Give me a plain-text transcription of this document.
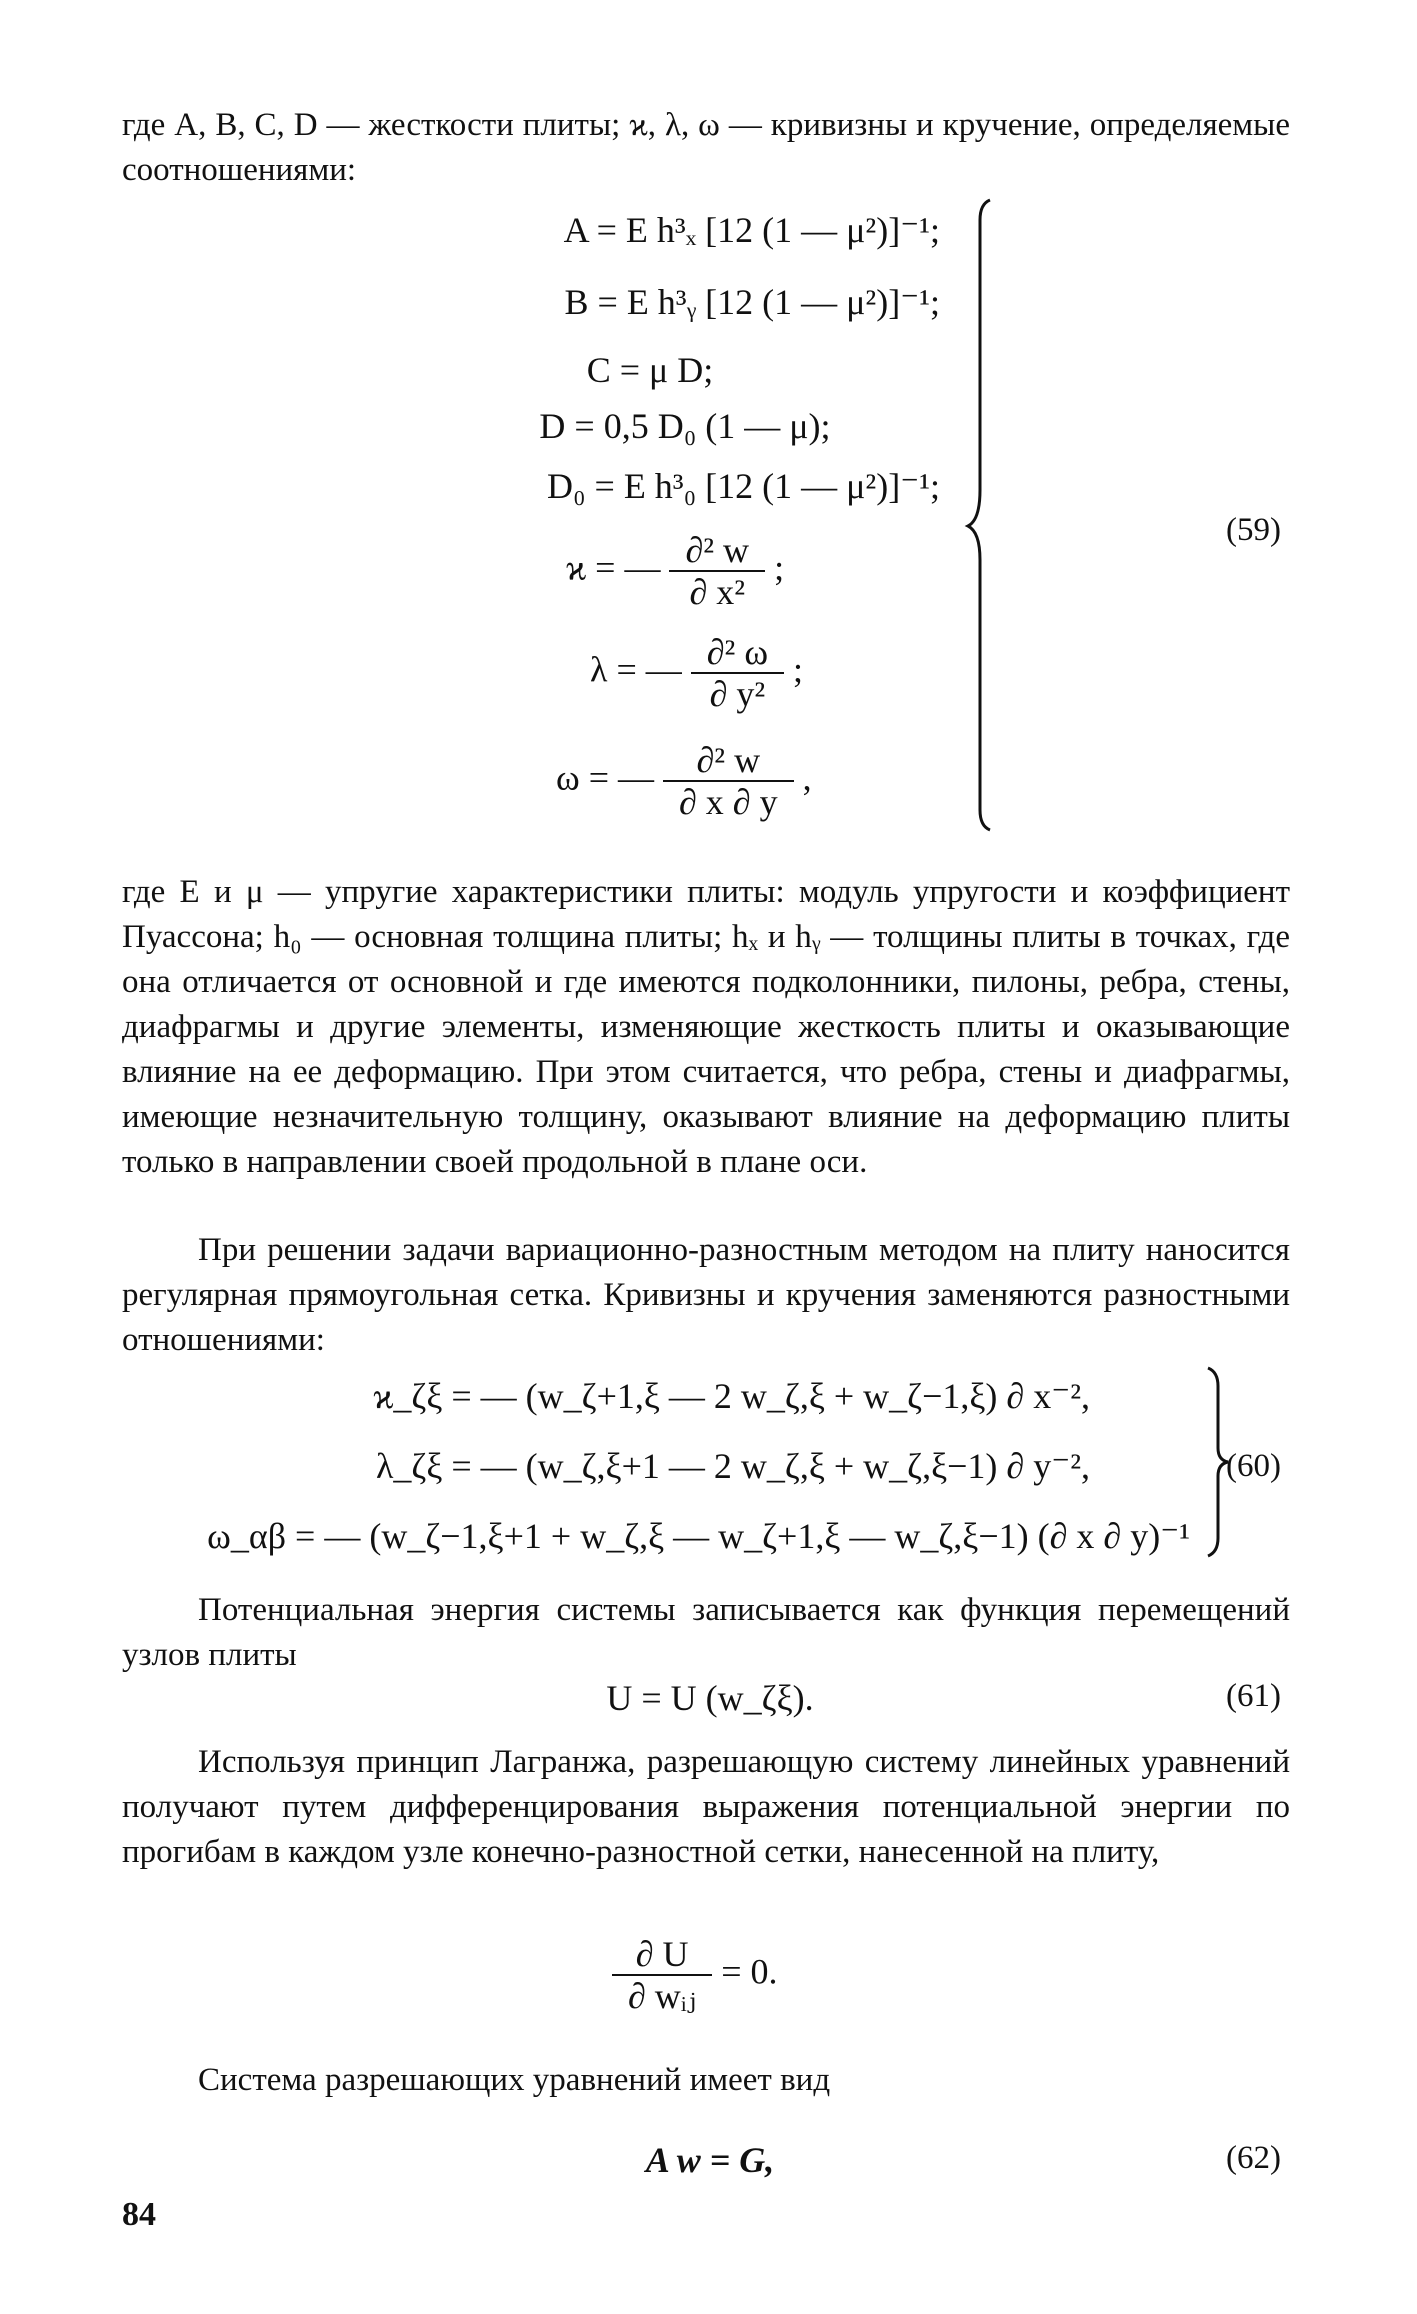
где A, B, C, D — жесткости плиты; ϰ, λ, ω — кривизны и кручение, определяемые соотношениями:

A = E h³ₓ [12 (1 — μ²)]⁻¹;
B = E h³ᵧ [12 (1 — μ²)]⁻¹;
C = μ D;
D = 0,5 D₀ (1 — μ);
D₀ = E h³₀ [12 (1 — μ²)]⁻¹;
ϰ = — $\frac{\text{∂² w}}{\text{∂ x²}}$ ;
λ = — $\frac{\text{∂² ω}}{\text{∂ y²}}$ ;
ω = — $\frac{\text{∂² w}}{\partial x \partial y}$ ,
(59)

где E и μ — упругие характеристики плиты: модуль упругости и коэффициент Пуассона; h₀ — основная толщина плиты; hₓ и hᵧ — толщины плиты в точках, где она отличается от основной и где имеются подколонники, пилоны, ребра, стены, диафрагмы и другие элементы, изменяющие жесткость плиты и оказывающие влияние на ее деформацию. При этом считается, что ребра, стены и диафрагмы, имеющие незначительную толщину, оказывают влияние на деформацию плиты только в направлении своей продольной в плане оси.

При решении задачи вариационно-разностным методом на плиту наносится регулярная прямоугольная сетка. Кривизны и кручения заменяются разностными отношениями:

ϰ_ζξ = — (w_ζ+1,ξ — 2 w_ζ,ξ + w_ζ−1,ξ) ∂ x⁻²,
λ_ζξ = — (w_ζ,ξ+1 — 2 w_ζ,ξ + w_ζ,ξ−1) ∂ y⁻²,
ω_αβ = — (w_ζ−1,ξ+1 + w_ζ,ξ — w_ζ+1,ξ — w_ζ,ξ−1) (∂ x ∂ y)⁻¹
(60)

Потенциальная энергия системы записывается как функция перемещений узлов плиты

U = U (w_ζξ).	(61)

Используя принцип Лагранжа, разрешающую систему линейных уравнений получают путем дифференцирования выражения потенциальной энергии по прогибам в каждом узле конечно-разностной сетки, нанесенной на плиту,

$\frac{\partial U}{\text{∂ wᵢⱼ}} = 0$.

Система разрешающих уравнений имеет вид

A w = G,	(62)
84
